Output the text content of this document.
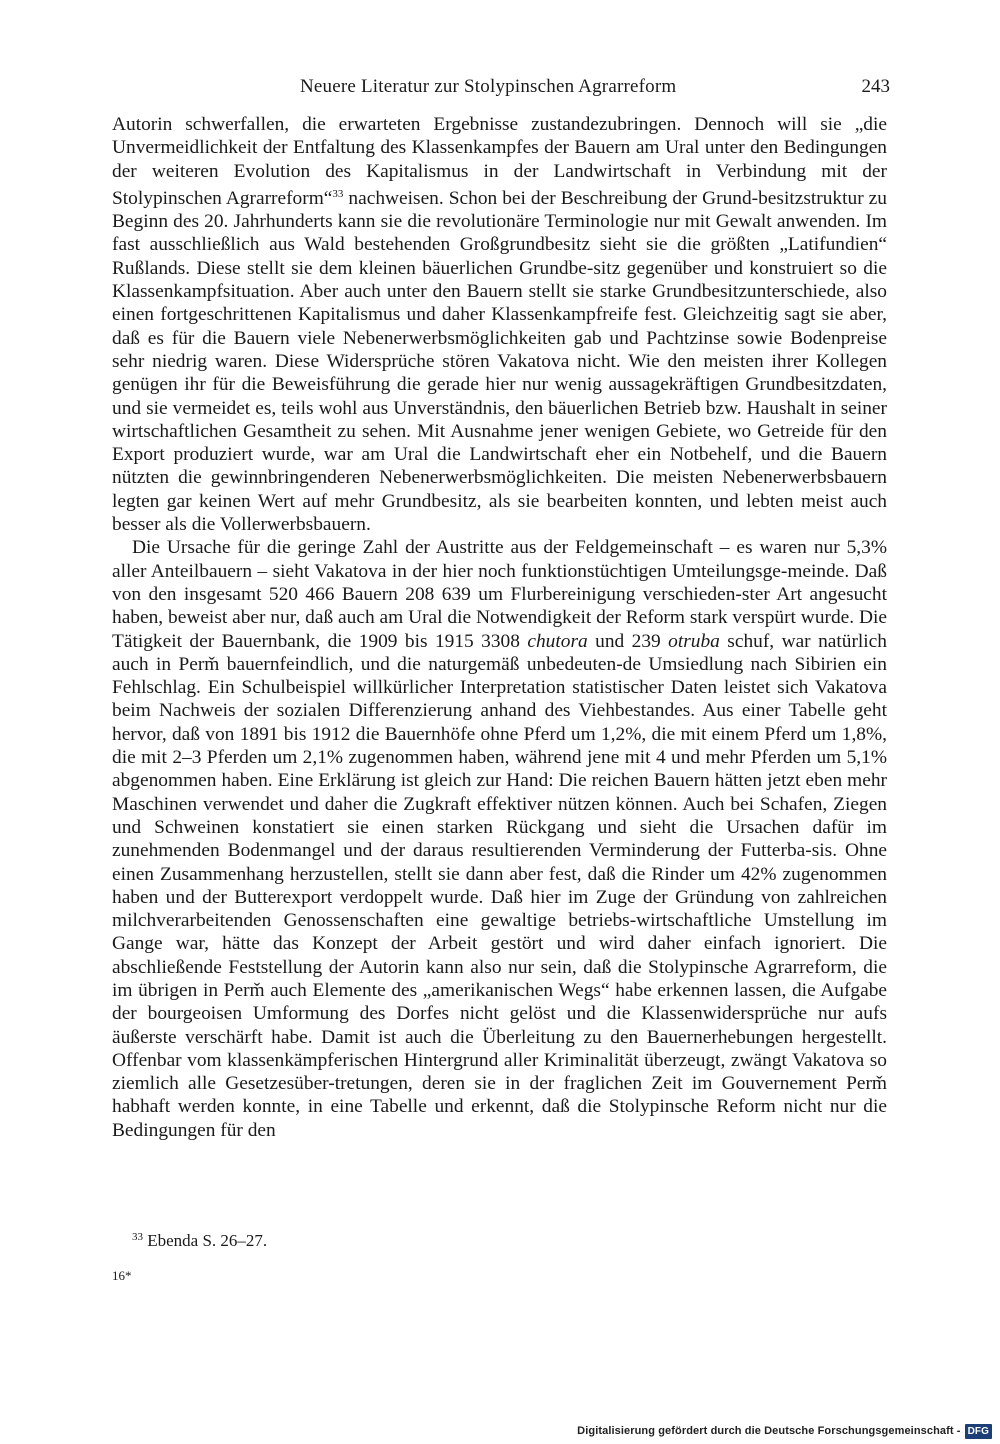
Neuere Literatur zur Stolypinschen Agrarreform	243

Autorin schwerfallen, die erwarteten Ergebnisse zustandezubringen. Dennoch will sie „die Unvermeidlichkeit der Entfaltung des Klassenkampfes der Bauern am Ural unter den Bedingungen der weiteren Evolution des Kapitalismus in der Landwirtschaft in Verbindung mit der Stolypinschen Agrarreform“$^{33}$ nachweisen. Schon bei der Beschreibung der Grund-besitzstruktur zu Beginn des 20. Jahrhunderts kann sie die revolutionäre Terminologie nur mit Gewalt anwenden. Im fast ausschließlich aus Wald bestehenden Großgrundbesitz sieht sie die größten „Latifundien“ Rußlands. Diese stellt sie dem kleinen bäuerlichen Grundbe-sitz gegenüber und konstruiert so die Klassenkampfsituation. Aber auch unter den Bauern stellt sie starke Grundbesitzunterschiede, also einen fortgeschrittenen Kapitalismus und daher Klassenkampfreife fest. Gleichzeitig sagt sie aber, daß es für die Bauern viele Nebenerwerbsmöglichkeiten gab und Pachtzinse sowie Bodenpreise sehr niedrig waren. Diese Widersprüche stören Vakatova nicht. Wie den meisten ihrer Kollegen genügen ihr für die Beweisführung die gerade hier nur wenig aussagekräftigen Grundbesitzdaten, und sie vermeidet es, teils wohl aus Unverständnis, den bäuerlichen Betrieb bzw. Haushalt in seiner wirtschaftlichen Gesamtheit zu sehen. Mit Ausnahme jener wenigen Gebiete, wo Getreide für den Export produziert wurde, war am Ural die Landwirtschaft eher ein Notbehelf, und die Bauern nützten die gewinnbringenderen Nebenerwerbsmöglichkeiten. Die meisten Nebenerwerbsbauern legten gar keinen Wert auf mehr Grundbesitz, als sie bearbeiten konnten, und lebten meist auch besser als die Vollerwerbsbauern.

Die Ursache für die geringe Zahl der Austritte aus der Feldgemeinschaft – es waren nur 5,3% aller Anteilbauern – sieht Vakatova in der hier noch funktionstüchtigen Umteilungsge-meinde. Daß von den insgesamt 520 466 Bauern 208 639 um Flurbereinigung verschieden-ster Art angesucht haben, beweist aber nur, daß auch am Ural die Notwendigkeit der Reform stark verspürt wurde. Die Tätigkeit der Bauernbank, die 1909 bis 1915 3308 chutora und 239 otruba schuf, war natürlich auch in Perm̌ bauernfeindlich, und die naturgemäß unbedeuten-de Umsiedlung nach Sibirien ein Fehlschlag. Ein Schulbeispiel willkürlicher Interpretation statistischer Daten leistet sich Vakatova beim Nachweis der sozialen Differenzierung anhand des Viehbestandes. Aus einer Tabelle geht hervor, daß von 1891 bis 1912 die Bauernhöfe ohne Pferd um 1,2%, die mit einem Pferd um 1,8%, die mit 2–3 Pferden um 2,1% zugenommen haben, während jene mit 4 und mehr Pferden um 5,1% abgenommen haben. Eine Erklärung ist gleich zur Hand: Die reichen Bauern hätten jetzt eben mehr Maschinen verwendet und daher die Zugkraft effektiver nützen können. Auch bei Schafen, Ziegen und Schweinen konstatiert sie einen starken Rückgang und sieht die Ursachen dafür im zunehmenden Bodenmangel und der daraus resultierenden Verminderung der Futterba-sis. Ohne einen Zusammenhang herzustellen, stellt sie dann aber fest, daß die Rinder um 42% zugenommen haben und der Butterexport verdoppelt wurde. Daß hier im Zuge der Gründung von zahlreichen milchverarbeitenden Genossenschaften eine gewaltige betriebs-wirtschaftliche Umstellung im Gange war, hätte das Konzept der Arbeit gestört und wird daher einfach ignoriert. Die abschließende Feststellung der Autorin kann also nur sein, daß die Stolypinsche Agrarreform, die im übrigen in Perm̌ auch Elemente des „amerikanischen Wegs“ habe erkennen lassen, die Aufgabe der bourgeoisen Umformung des Dorfes nicht gelöst und die Klassenwidersprüche nur aufs äußerste verschärft habe. Damit ist auch die Überleitung zu den Bauernerhebungen hergestellt. Offenbar vom klassenkämpferischen Hintergrund aller Kriminalität überzeugt, zwängt Vakatova so ziemlich alle Gesetzesüber-tretungen, deren sie in der fraglichen Zeit im Gouvernement Perm̌ habhaft werden konnte, in eine Tabelle und erkennt, daß die Stolypinsche Reform nicht nur die Bedingungen für den

$^{33}$ Ebenda S. 26–27.
16*
Digitalisierung gefördert durch die Deutsche Forschungsgemeinschaft - DFG
